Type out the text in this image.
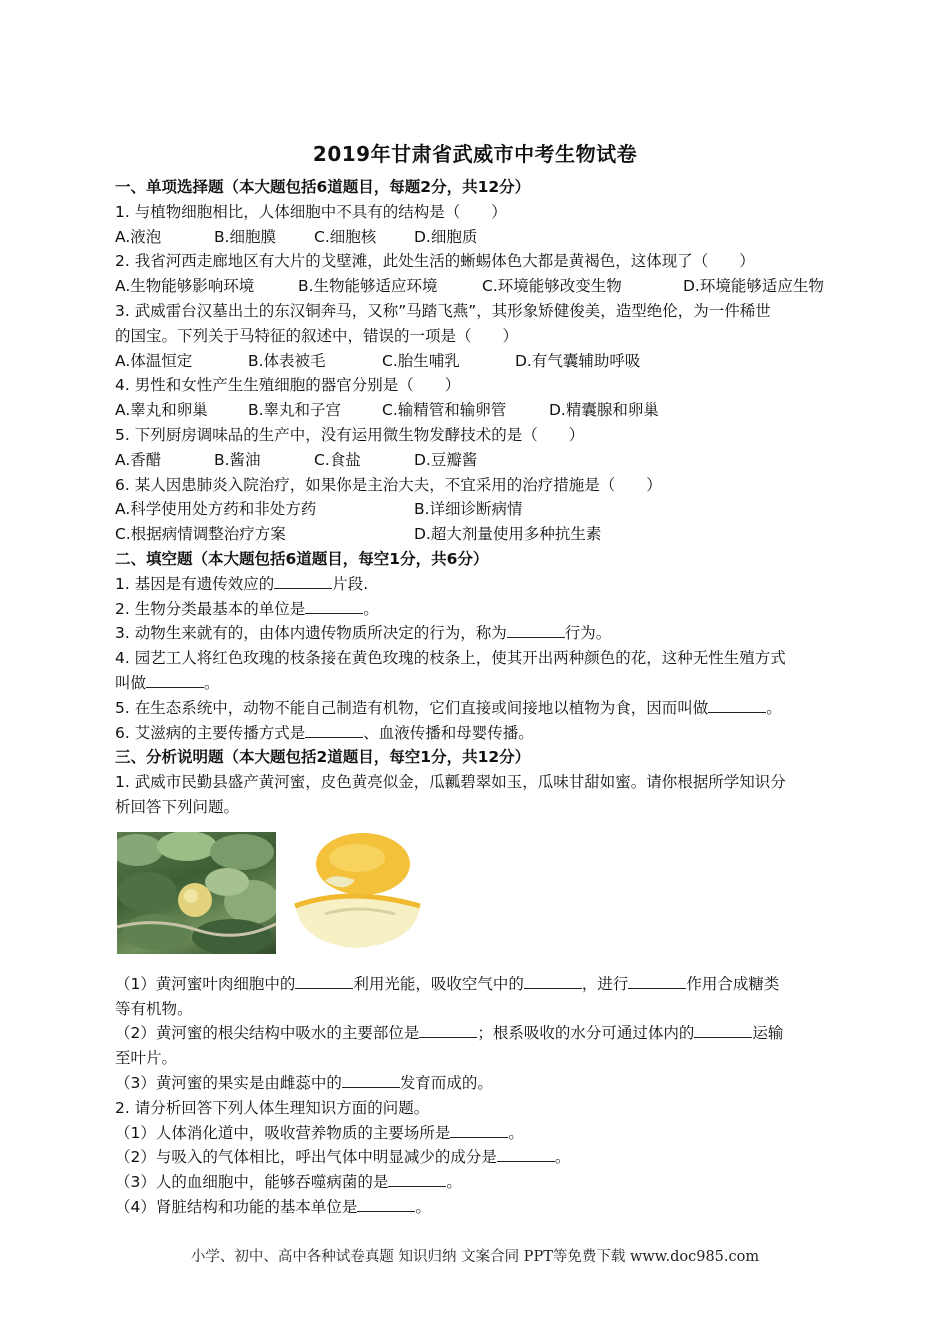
2019年甘肃省武威市中考生物试卷
一、单项选择题（本大题包括6道题目，每题2分，共12分）
1. 与植物细胞相比，人体细胞中不具有的结构是（　　）
A.液泡	B.细胞膜 C.细胞核 D.细胞质
2. 我省河西走廊地区有大片的戈壁滩，此处生活的蜥蜴体色大都是黄褐色，这体现了（　　）
A.生物能够影响环境	B.生物能够适应环境	C.环境能够改变生物	D.环境能够适应生物
3. 武威雷台汉墓出土的东汉铜奔马，又称”马踏飞燕”，其形象矫健俊美，造型绝伦，为一件稀世
的国宝。下列关于马特征的叙述中，错误的一项是（　　）
A.体温恒定	B.体表被毛	C.胎生哺乳	D.有气囊辅助呼吸
4. 男性和女性产生生殖细胞的器官分别是（　　）
A.睾丸和卵巢	B.睾丸和子宫	C.输精管和输卵管	D.精囊腺和卵巢
5. 下列厨房调味品的生产中，没有运用微生物发酵技术的是（　　）
A.香醋	B.酱油	C.食盐	D.豆瓣酱
6. 某人因患肺炎入院治疗，如果你是主治大夫，不宜采用的治疗措施是（　　）
A.科学使用处方药和非处方药	B.详细诊断病情
C.根据病情调整治疗方案	D.超大剂量使用多种抗生素
二、填空题（本大题包括6道题目，每空1分，共6分）
1. 基因是有遗传效应的	片段.
2. 生物分类最基本的单位是	。
3. 动物生来就有的，由体内遗传物质所决定的行为，称为	行为。
4. 园艺工人将红色玫瑰的枝条接在黄色玫瑰的枝条上，使其开出两种颜色的花，这种无性生殖方式
叫做	。
5. 在生态系统中，动物不能自己制造有机物，它们直接或间接地以植物为食，因而叫做	。
6. 艾滋病的主要传播方式是	、血液传播和母婴传播。
三、分析说明题（本大题包括2道题目，每空1分，共12分）
1. 武威市民勤县盛产黄河蜜，皮色黄亮似金，瓜瓤碧翠如玉，瓜味甘甜如蜜。请你根据所学知识分
析回答下列问题。
（1）黄河蜜叶肉细胞中的	利用光能，吸收空气中的	，进行	作用合成糖类
等有机物。
（2）黄河蜜的根尖结构中吸水的主要部位是	；根系吸收的水分可通过体内的	运输
至叶片。
（3）黄河蜜的果实是由雌蕊中的	发育而成的。
2. 请分析回答下列人体生理知识方面的问题。
（1）人体消化道中，吸收营养物质的主要场所是	。
（2）与吸入的气体相比，呼出气体中明显减少的成分是	。
（3）人的血细胞中，能够吞噬病菌的是	。
（4）肾脏结构和功能的基本单位是	。
小学、初中、高中各种试卷真题 知识归纳 文案合同 PPT等免费下载 www.doc985.com
